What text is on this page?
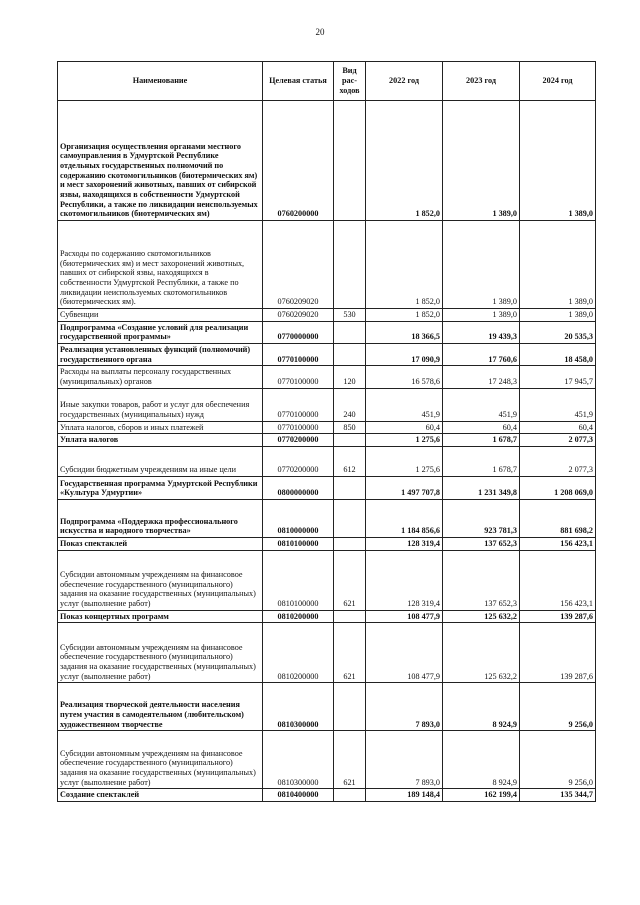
20
Наименование	Целевая статья	Вид рас-ходов	2022 год	2023 год	2024 год
Организация осуществления органами местного самоуправления в Удмуртской Республике отдельных государственных полномочий по содержанию скотомогильников (биотермических ям) и мест захоронений животных, павших от сибирской язвы, находящихся в собственности Удмуртской Республики, а также по ликвидации неиспользуемых скотомогильников (биотермических ям)	0760200000		1 852,0	1 389,0	1 389,0
Расходы по содержанию скотомогильников (биотермических ям) и мест захоронений животных, павших от сибирской язвы, находящихся в собственности Удмуртской Республики, а также по ликвидации неиспользуемых скотомогильников (биотермических ям).	0760209020		1 852,0	1 389,0	1 389,0
Субвенции	0760209020	530	1 852,0	1 389,0	1 389,0
Подпрограмма «Создание условий для реализации государственной программы»	0770000000		18 366,5	19 439,3	20 535,3
Реализация установленных функций (полномочий) государственного органа	0770100000		17 090,9	17 760,6	18 458,0
Расходы на выплаты персоналу государственных (муниципальных) органов	0770100000	120	16 578,6	17 248,3	17 945,7
Иные закупки товаров, работ и услуг для обеспечения государственных (муниципальных) нужд	0770100000	240	451,9	451,9	451,9
Уплата налогов, сборов и иных платежей	0770100000	850	60,4	60,4	60,4
Уплата налогов	0770200000		1 275,6	1 678,7	2 077,3
Субсидии бюджетным учреждениям на иные цели	0770200000	612	1 275,6	1 678,7	2 077,3
Государственная программа Удмуртской Республики «Культура Удмуртии»	0800000000		1 497 707,8	1 231 349,8	1 208 069,0
Подпрограмма «Поддержка профессионального искусства и народного творчества»	0810000000		1 184 856,6	923 781,3	881 698,2
Показ спектаклей	0810100000		128 319,4	137 652,3	156 423,1
Субсидии автономным учреждениям на финансовое обеспечение государственного (муниципального) задания на оказание государственных (муниципальных) услуг (выполнение работ)	0810100000	621	128 319,4	137 652,3	156 423,1
Показ концертных программ	0810200000		108 477,9	125 632,2	139 287,6
Субсидии автономным учреждениям на финансовое обеспечение государственного (муниципального) задания на оказание государственных (муниципальных) услуг (выполнение работ)	0810200000	621	108 477,9	125 632,2	139 287,6
Реализация творческой деятельности населения путем участия в самодеятельном (любительском) художественном творчестве	0810300000		7 893,0	8 924,9	9 256,0
Субсидии автономным учреждениям на финансовое обеспечение государственного (муниципального) задания на оказание государственных (муниципальных) услуг (выполнение работ)	0810300000	621	7 893,0	8 924,9	9 256,0
Создание спектаклей	0810400000		189 148,4	162 199,4	135 344,7
